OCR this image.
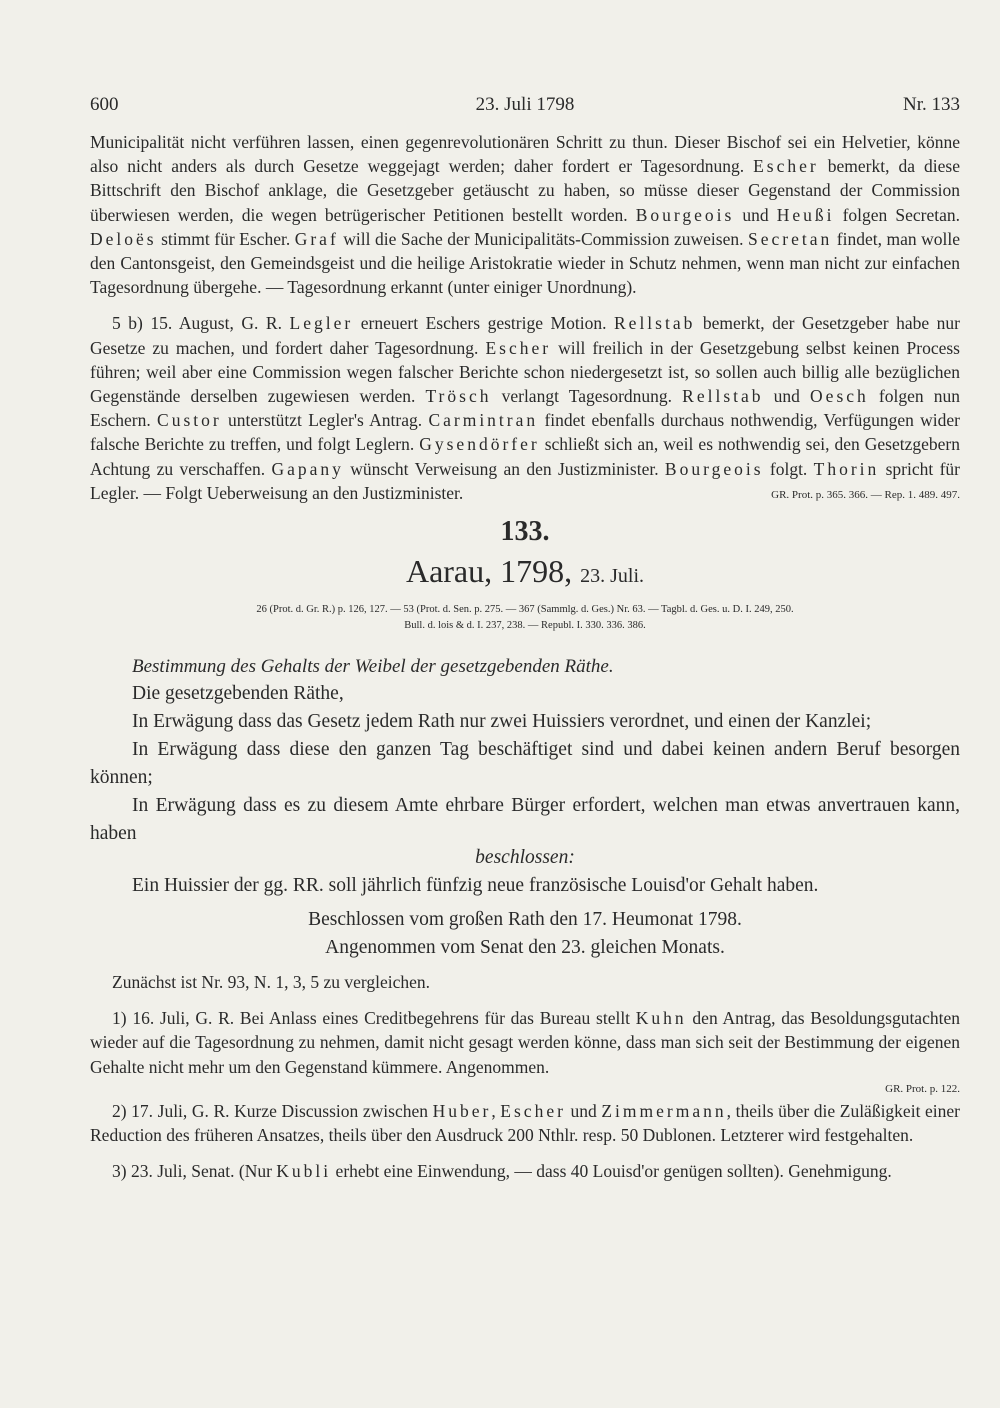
600	23. Juli 1798	Nr. 133

Municipalität nicht verführen lassen, einen gegenrevolutionären Schritt zu thun. Dieser Bischof sei ein Helvetier, könne also nicht anders als durch Gesetze weggejagt werden; daher fordert er Tagesordnung. Escher bemerkt, da diese Bittschrift den Bischof anklage, die Gesetzgeber getäuscht zu haben, so müsse dieser Gegenstand der Commission überwiesen werden, die wegen betrügerischer Petitionen bestellt worden. Bourgeois und Heußi folgen Secretan. Deloës stimmt für Escher. Graf will die Sache der Municipalitäts-Commission zuweisen. Secretan findet, man wolle den Cantonsgeist, den Gemeindsgeist und die heilige Aristokratie wieder in Schutz nehmen, wenn man nicht zur einfachen Tagesordnung übergehe. — Tagesordnung erkannt (unter einiger Unordnung).

5 b) 15. August, G. R. Legler erneuert Eschers gestrige Motion. Rellstab bemerkt, der Gesetzgeber habe nur Gesetze zu machen, und fordert daher Tagesordnung. Escher will freilich in der Gesetzgebung selbst keinen Process führen; weil aber eine Commission wegen falscher Berichte schon niedergesetzt ist, so sollen auch billig alle bezüglichen Gegenstände derselben zugewiesen werden. Trösch verlangt Tagesordnung. Rellstab und Oesch folgen nun Eschern. Custor unterstützt Legler's Antrag. Carmintran findet ebenfalls durchaus nothwendig, Verfügungen wider falsche Berichte zu treffen, und folgt Leglern. Gysendörfer schließt sich an, weil es nothwendig sei, den Gesetzgebern Achtung zu verschaffen. Gapany wünscht Verweisung an den Justizminister. Bourgeois folgt. Thorin spricht für Legler. — Folgt Ueberweisung an den Justizminister.	GR. Prot. p. 365. 366. — Rep. 1. 489. 497.
133.
Aarau, 1798, 23. Juli.
26 (Prot. d. Gr. R.) p. 126, 127. — 53 (Prot. d. Sen. p. 275. — 367 (Sammlg. d. Ges.) Nr. 63. — Tagbl. d. Ges. u. D. I. 249, 250.
Bull. d. lois & d. I. 237, 238. — Republ. I. 330. 336. 386.
Bestimmung des Gehalts der Weibel der gesetzgebenden Räthe.
Die gesetzgebenden Räthe,
In Erwägung dass das Gesetz jedem Rath nur zwei Huissiers verordnet, und einen der Kanzlei;
In Erwägung dass diese den ganzen Tag beschäftiget sind und dabei keinen andern Beruf besorgen können;
In Erwägung dass es zu diesem Amte ehrbare Bürger erfordert, welchen man etwas anvertrauen kann, haben
beschlossen:
Ein Huissier der gg. RR. soll jährlich fünfzig neue französische Louisd'or Gehalt haben.
Beschlossen vom großen Rath den 17. Heumonat 1798.
Angenommen vom Senat den 23. gleichen Monats.

Zunächst ist Nr. 93, N. 1, 3, 5 zu vergleichen.

1) 16. Juli, G. R. Bei Anlass eines Creditbegehrens für das Bureau stellt Kuhn den Antrag, das Besoldungsgutachten wieder auf die Tagesordnung zu nehmen, damit nicht gesagt werden könne, dass man sich seit der Bestimmung der eigenen Gehalte nicht mehr um den Gegenstand kümmere. Angenommen.

GR. Prot. p. 122.

2) 17. Juli, G. R. Kurze Discussion zwischen Huber, Escher und Zimmermann, theils über die Zuläßigkeit einer Reduction des früheren Ansatzes, theils über den Ausdruck 200 Nthlr. resp. 50 Dublonen. Letzterer wird festgehalten.

3) 23. Juli, Senat. (Nur Kubli erhebt eine Einwendung, — dass 40 Louisd'or genügen sollten). Genehmigung.
